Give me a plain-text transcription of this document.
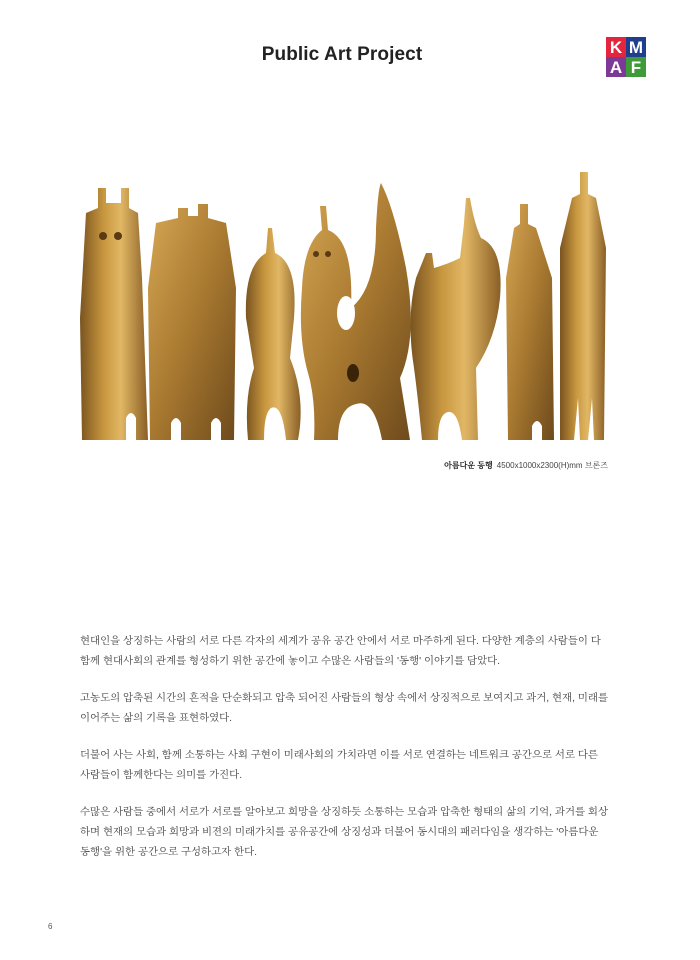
Public Art Project	K M
A F
아름다운 동행 4500x1000x2300(H)mm 브론즈

현대인을 상징하는 사람의 서로 다른 각자의 세계가 공유 공간 안에서 서로 마주하게 된다. 다양한 계층의 사람들이 다 함께 현대사회의 관계를 형성하기 위한 공간에 놓이고 수많은 사람들의 '동행' 이야기를 담았다.

고농도의 압축된 시간의 흔적을 단순화되고 압축 되어진 사람들의 형상 속에서 상징적으로 보여지고 과거, 현재, 미래를 이어주는 삶의 기록을 표현하였다.

더불어 사는 사회, 함께 소통하는 사회 구현이 미래사회의 가치라면 이를 서로 연결하는 네트워크 공간으로 서로 다른 사람들이 함께한다는 의미를 가진다.

수많은 사람들 중에서 서로가 서로를 알아보고 희망을 상징하듯 소통하는 모습과 압축한 형태의 삶의 기억, 과거를 회상하며 현재의 모습과 희망과 비젼의 미래가치를 공유공간에 상징성과 더불어 동시대의 패러다임을 생각하는 '아름다운 동행'을 위한 공간으로 구성하고자 한다.

6
